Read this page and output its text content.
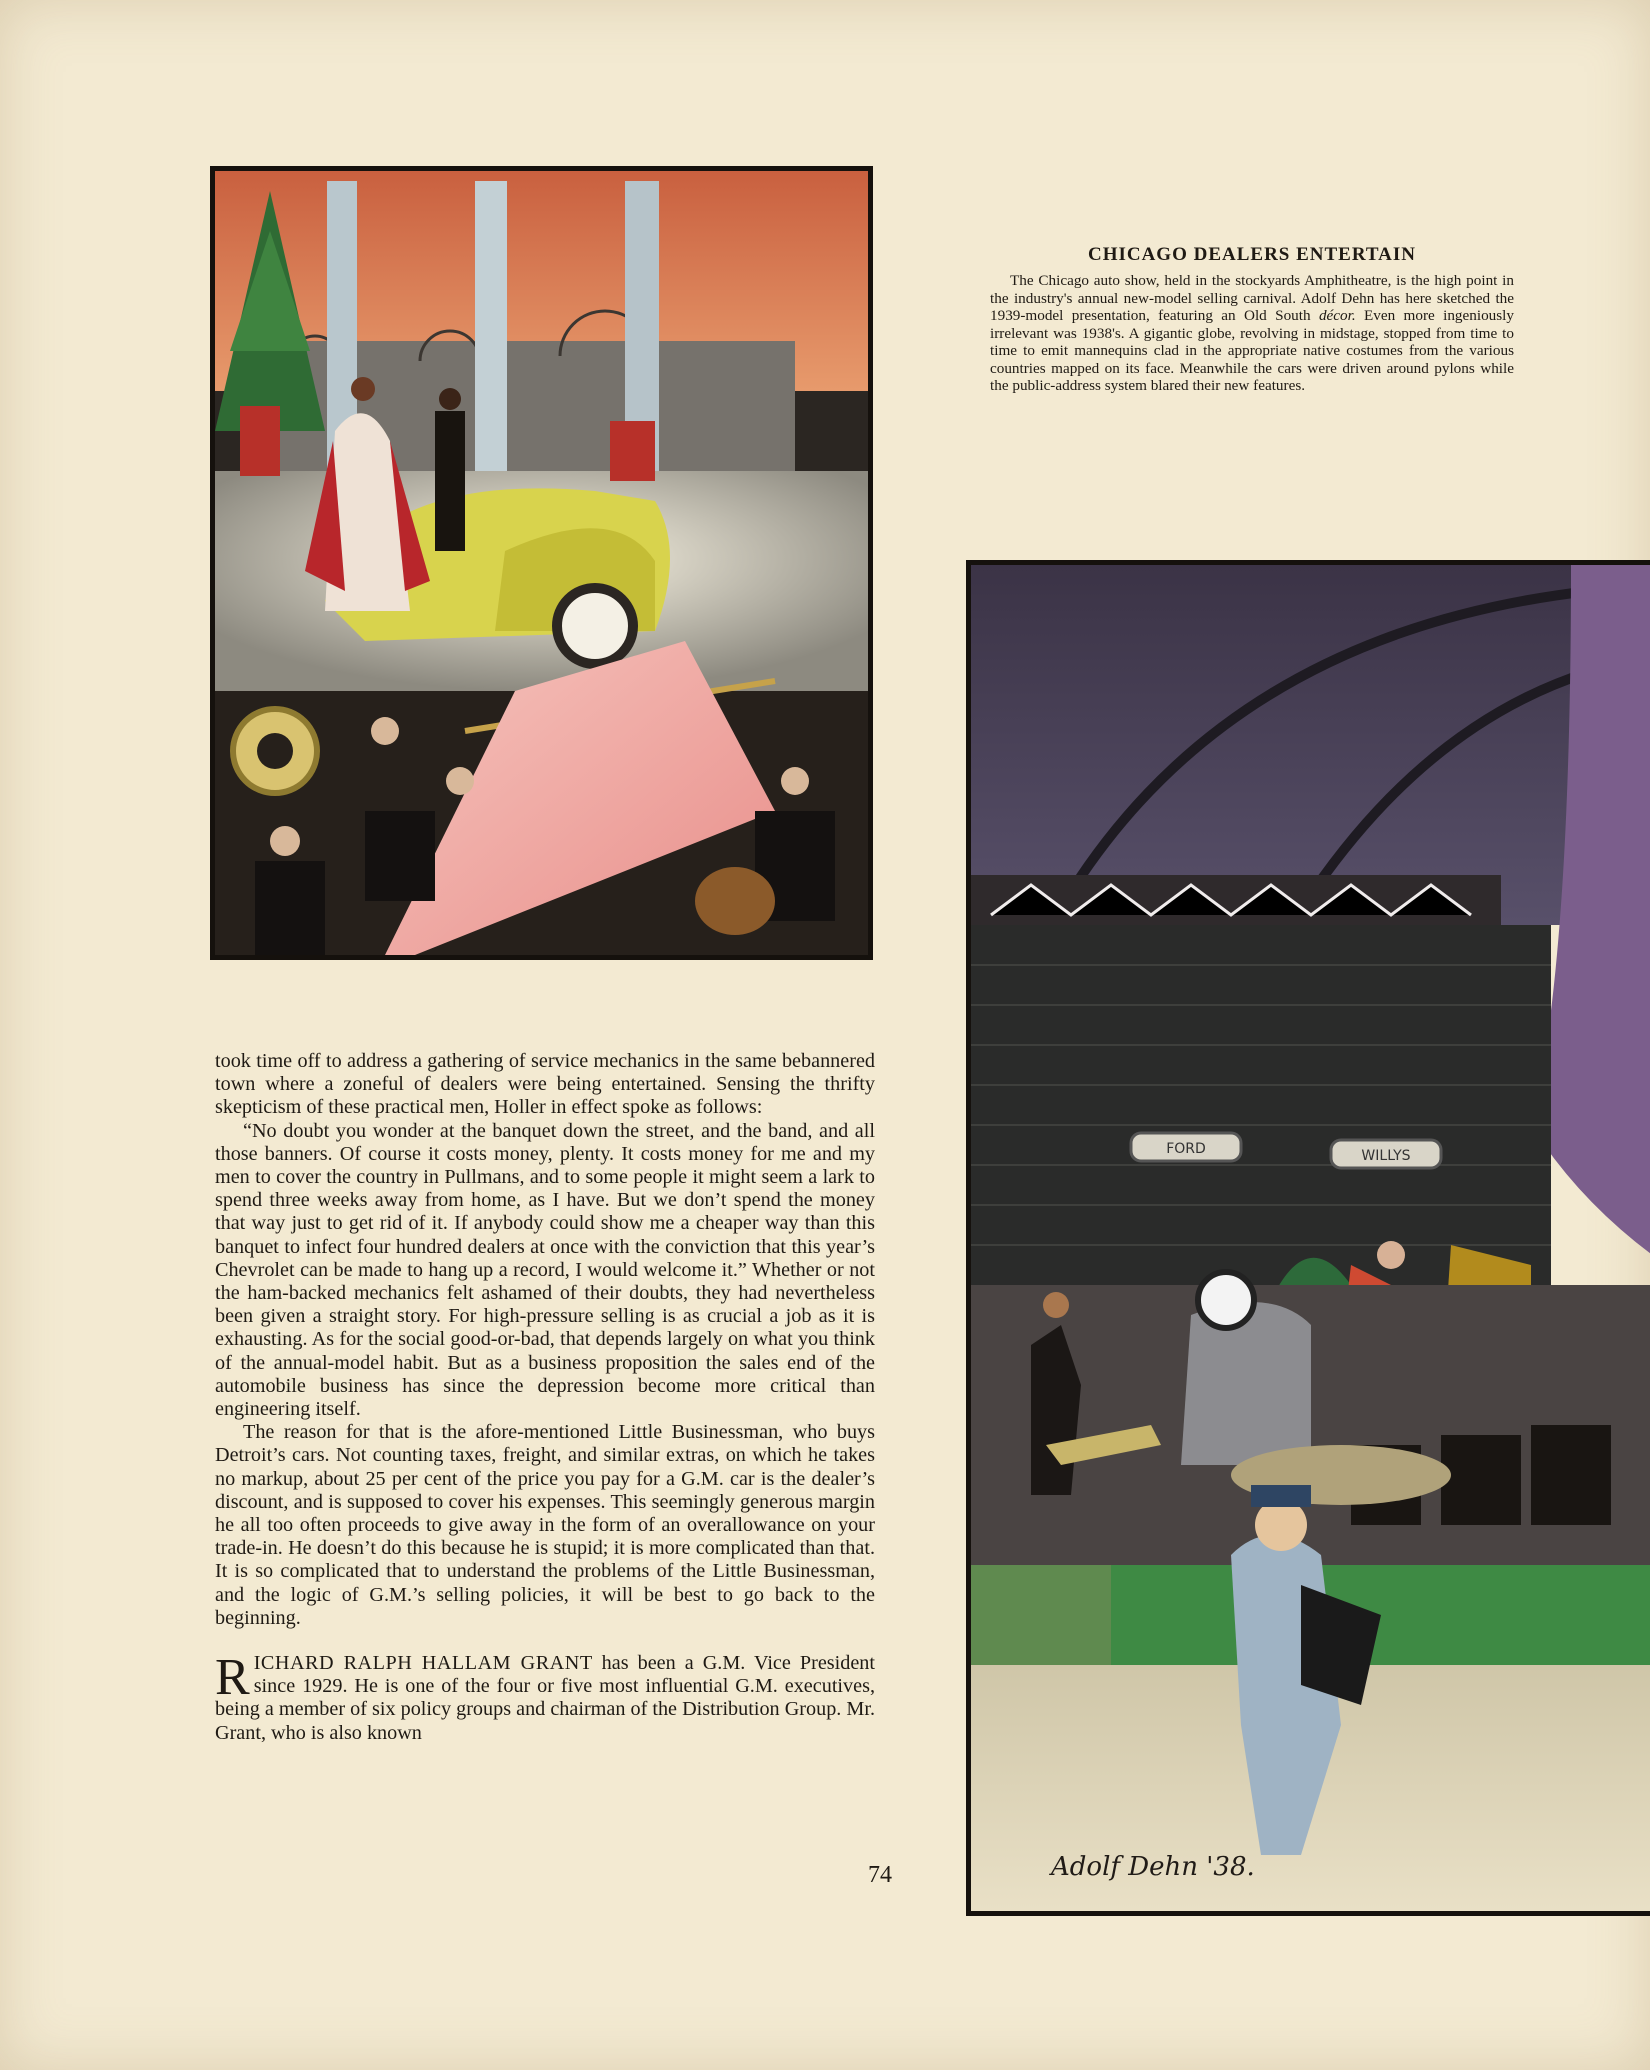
CHICAGO DEALERS ENTERTAIN

The Chicago auto show, held in the stockyards Amphitheatre, is the high point in the industry's annual new-model selling carnival. Adolf Dehn has here sketched the 1939-model presentation, featuring an Old South décor. Even more ingeniously irrelevant was 1938's. A gigantic globe, revolving in midstage, stopped from time to time to emit mannequins clad in the appropriate native costumes from the various countries mapped on its face. Meanwhile the cars were driven around pylons while the public-address system blared their new features.

FORD	WILLYS
Adolf Dehn '38.

took time off to address a gathering of service mechanics in the same bebannered town where a zoneful of dealers were being entertained. Sensing the thrifty skepticism of these practical men, Holler in effect spoke as follows:

“No doubt you wonder at the banquet down the street, and the band, and all those banners. Of course it costs money, plenty. It costs money for me and my men to cover the country in Pullmans, and to some people it might seem a lark to spend three weeks away from home, as I have. But we don’t spend the money that way just to get rid of it. If anybody could show me a cheaper way than this banquet to infect four hundred dealers at once with the conviction that this year’s Chevrolet can be made to hang up a record, I would welcome it.” Whether or not the ham-backed mechanics felt ashamed of their doubts, they had nevertheless been given a straight story. For high-pressure selling is as crucial a job as it is exhausting. As for the social good-or-bad, that depends largely on what you think of the annual-model habit. But as a business proposition the sales end of the automobile business has since the depression become more critical than engineering itself.

The reason for that is the afore-mentioned Little Businessman, who buys Detroit’s cars. Not counting taxes, freight, and similar extras, on which he takes no markup, about 25 per cent of the price you pay for a G.M. car is the dealer’s discount, and is supposed to cover his expenses. This seemingly generous margin he all too often proceeds to give away in the form of an overallowance on your trade-in. He doesn’t do this because he is stupid; it is more complicated than that. It is so complicated that to understand the problems of the Little Businessman, and the logic of G.M.’s selling policies, it will be best to go back to the beginning.

RICHARD RALPH HALLAM GRANT has been a G.M. Vice President since 1929. He is one of the four or five most influential G.M. executives, being a member of six policy groups and chairman of the Distribution Group. Mr. Grant, who is also known

74
